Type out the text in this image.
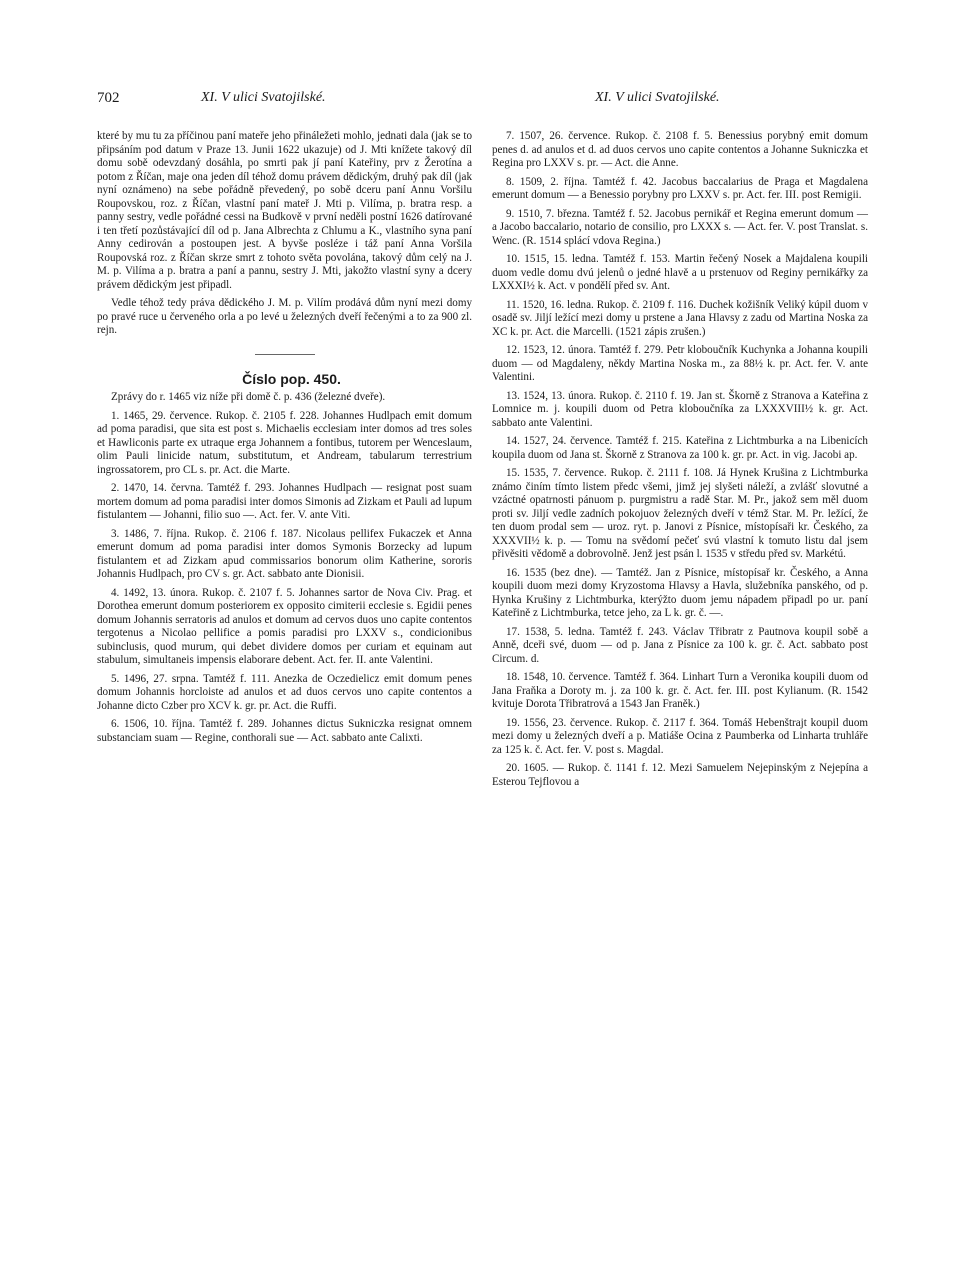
702	XI. V ulici Svatojilské.	XI. V ulici Svatojilské.

které by mu tu za příčinou paní mateře jeho přináležeti mohlo, jednati dala (jak se to připsáním pod datum v Praze 13. Junii 1622 ukazuje) od J. Mti knížete takový díl domu sobě odevzdaný dosáhla, po smrti pak jí paní Kateřiny, prv z Žerotína a potom z Říčan, maje ona jeden díl téhož domu právem dědickým, druhý pak díl (jak nyní oznámeno) na sebe pořádně převedený, po sobě dceru paní Annu Voršilu Roupovskou, roz. z Říčan, vlastní paní mateř J. Mti p. Vilíma, p. bratra resp. a panny sestry, vedle pořádné cessi na Budkově v první neděli postní 1626 datírované i ten třetí pozůstávající díl od p. Jana Albrechta z Chlumu a K., vlastního syna paní Anny cedirován a postoupen jest. A byvše posléze i táž paní Anna Voršila Roupovská roz. z Říčan skrze smrt z tohoto světa povolána, takový dům celý na J. M. p. Vilíma a p. bratra a paní a pannu, sestry J. Mti, jakožto vlastní syny a dcery právem dědickým jest připadl.

Vedle téhož tedy práva dědického J. M. p. Vilím prodává dům nyní mezi domy po pravé ruce u červeného orla a po levé u železných dveří řečenými a to za 900 zl. rejn.

Číslo pop. 450.

Zprávy do r. 1465 viz níže při domě č. p. 436 (železné dveře).

1. 1465, 29. července. Rukop. č. 2105 f. 228. Johannes Hudlpach emit domum ad poma paradisi, que sita est post s. Michaelis ecclesiam inter domos ad tres soles et Hawliconis parte ex utraque erga Johannem a fontibus, tutorem per Wenceslaum, olim Pauli linicide natum, substitutum, et Andream, tabularum terrestrium ingrossatorem, pro CL s. pr. Act. die Marte.

2. 1470, 14. června. Tamtéž f. 293. Johannes Hudlpach — resignat post suam mortem domum ad poma paradisi inter domos Simonis ad Zizkam et Pauli ad lupum fistulantem — Johanni, filio suo —. Act. fer. V. ante Viti.

3. 1486, 7. října. Rukop. č. 2106 f. 187. Nicolaus pellifex Fukaczek et Anna emerunt domum ad poma paradisi inter domos Symonis Borzecky ad lupum fistulantem et ad Zizkam apud commissarios bonorum olim Katherine, sororis Johannis Hudlpach, pro CV s. gr. Act. sabbato ante Dionisii.

4. 1492, 13. února. Rukop. č. 2107 f. 5. Johannes sartor de Nova Civ. Prag. et Dorothea emerunt domum posteriorem ex opposito cimiterii ecclesie s. Egidii penes domum Johannis serratoris ad anulos et domum ad cervos duos uno capite contentos tergotenus a Nicolao pellifice a pomis paradisi pro LXXV s., condicionibus subinclusis, quod murum, qui debet dividere domos per curiam et equinam aut stabulum, simultaneis impensis elaborare debent. Act. fer. II. ante Valentini.

5. 1496, 27. srpna. Tamtéž f. 111. Anezka de Oczedielicz emit domum penes domum Johannis horcloiste ad anulos et ad duos cervos uno capite contentos a Johanne dicto Czber pro XCV k. gr. pr. Act. die Ruffi.

6. 1506, 10. října. Tamtéž f. 289. Johannes dictus Sukniczka resignat omnem substanciam suam — Regine, conthorali sue — Act. sabbato ante Calixti.

7. 1507, 26. července. Rukop. č. 2108 f. 5. Benessius porybný emit domum penes d. ad anulos et d. ad duos cervos uno capite contentos a Johanne Sukniczka et Regina pro LXXV s. pr. — Act. die Anne.

8. 1509, 2. října. Tamtéž f. 42. Jacobus baccalarius de Praga et Magdalena emerunt domum — a Benessio porybny pro LXXV s. pr. Act. fer. III. post Remigii.

9. 1510, 7. března. Tamtéž f. 52. Jacobus pernikář et Regina emerunt domum — a Jacobo baccalario, notario de consilio, pro LXXX s. — Act. fer. V. post Translat. s. Wenc. (R. 1514 splácí vdova Regina.)

10. 1515, 15. ledna. Tamtéž f. 153. Martin řečený Nosek a Majdalena koupili duom vedle domu dvú jelenů o jedné hlavě a u prstenuov od Reginy pernikářky za LXXXI½ k. Act. v pondělí před sv. Ant.

11. 1520, 16. ledna. Rukop. č. 2109 f. 116. Duchek kožišník Veliký kúpil duom v osadě sv. Jiljí ležící mezi domy u prstene a Jana Hlavsy z zadu od Martina Noska za XC k. pr. Act. die Marcelli. (1521 zápis zrušen.)

12. 1523, 12. února. Tamtéž f. 279. Petr kloboučník Kuchynka a Johanna koupili duom — od Magdaleny, někdy Martina Noska m., za 88½ k. pr. Act. fer. V. ante Valentini.

13. 1524, 13. února. Rukop. č. 2110 f. 19. Jan st. Škorně z Stranova a Kateřina z Lomnice m. j. koupili duom od Petra kloboučníka za LXXXVIII½ k. gr. Act. sabbato ante Valentini.

14. 1527, 24. července. Tamtéž f. 215. Kateřina z Lichtmburka a na Libenicích koupila duom od Jana st. Škorně z Stranova za 100 k. gr. pr. Act. in vig. Jacobi ap.

15. 1535, 7. července. Rukop. č. 2111 f. 108. Já Hynek Krušina z Lichtmburka známo činím tímto listem předc všemi, jimž jej slyšeti náleží, a zvlášť slovutné a vzáctné opatrnosti pánuom p. purgmistru a radě Star. M. Pr., jakož sem měl duom proti sv. Jiljí vedle zadních pokojuov železných dveří v témž Star. M. Pr. ležící, že ten duom prodal sem — uroz. ryt. p. Janovi z Písnice, místopísaři kr. Českého, za XXXVII½ k. p. — Tomu na svědomí pečeť svú vlastní k tomuto listu dal jsem přivěsiti vědomě a dobrovolně. Jenž jest psán l. 1535 v středu před sv. Markétú.

16. 1535 (bez dne). — Tamtéž. Jan z Písnice, místopísař kr. Českého, a Anna koupili duom mezi domy Kryzostoma Hlavsy a Havla, služebníka panského, od p. Hynka Krušiny z Lichtmburka, kterýžto duom jemu nápadem připadl po ur. paní Kateřině z Lichtmburka, tetce jeho, za L k. gr. č. —.

17. 1538, 5. ledna. Tamtéž f. 243. Václav Třibratr z Pautnova koupil sobě a Anně, dceři své, duom — od p. Jana z Písnice za 100 k. gr. č. Act. sabbato post Circum. d.

18. 1548, 10. července. Tamtéž f. 364. Linhart Turn a Veronika koupili duom od Jana Fraňka a Doroty m. j. za 100 k. gr. č. Act. fer. III. post Kylianum. (R. 1542 kvituje Dorota Třibratrová a 1543 Jan Franěk.)

19. 1556, 23. července. Rukop. č. 2117 f. 364. Tomáš Hebenštrajt koupil duom mezi domy u železných dveří a p. Matiáše Ocina z Paumberka od Linharta truhláře za 125 k. č. Act. fer. V. post s. Magdal.

20. 1605. — Rukop. č. 1141 f. 12. Mezi Samuelem Nejepinským z Nejepína a Esterou Tejflovou a
